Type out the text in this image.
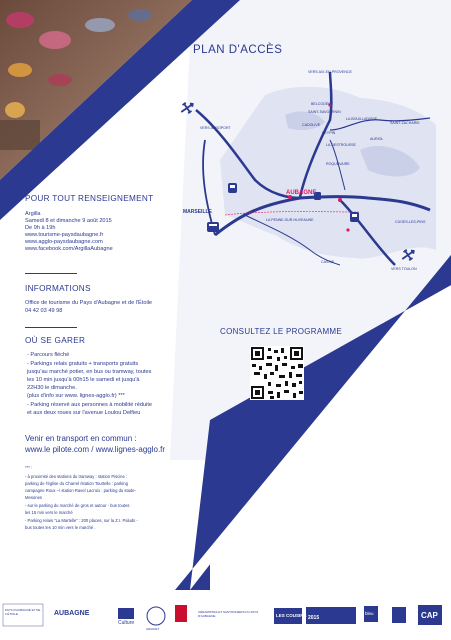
PLAN D'ACCÈS
VERS AIX-EN-PROVENCE
VERS AEROPORT
BELCODÈNE
SAINT-SAVOURNIN
LA BOUILLADISSE
SAINT-ZACHARIE
CADOLIVE
PEYPIN
AURIOL
LA DESTROUSSE
ROQUEVAIRE
AUBAGNE
MARSEILLE
LA PENNE-SUR-HUVEAUNE	CUGES-LES-PINS
CASSIS
VERS TOULON
POUR TOUT RENSEIGNEMENT
Argilla
Samedi 8 et dimanche 9 août 2015
De 9h à 19h
www.tourisme-paysdaubagne.fr
www.agglo-paysdaubagne.com
www.facebook.com/ArgillaAubagne
INFORMATIONS
Office de tourisme du Pays d'Aubagne et de l'Étoile
04 42 03 49 98
OÙ SE GARER
- Parcours fléché
- Parkings relais gratuits + transports gratuits
jusqu'au marché potier, en bus ou tramway, toutes
les 10 min jusqu'à 00h15 le samedi et jusqu'à
22H30 le dimanche.
(plus d'info sur www. lignes-agglo.fr) ***
- Parking réservé aux personnes à mobilité réduite
et aux deux roues sur l'avenue Loulou Delfieu
Venir en transport en commun :
www.le pilote.com / www.lignes-agglo.fr
*** :
- à proximité des stations du tramway : station Piscine :
parking de l'église du Charrel /station Tourtelle : parking
campagne Roux –/ station Ravel Lacroix : parking du stade-
Mesones
- sur le parking du marché de gros et autour - bus toutes
les 15 min vers le marché
- Parking relais "La Martelle" : 200 places, sur la Z.I. Paluds -
bus toutes les 10 min vers le marché .
CONSULTEZ LE PROGRAMME
PAYS D'AUBAGNE ET DE L'ÉTOILE	AUBAGNE
Culture
ARGIKET
CÉRAMISTES ET SANTONNIERS DU PAYS D'AUBAGNE	LES COUSINS 2015
bleu	CAP
